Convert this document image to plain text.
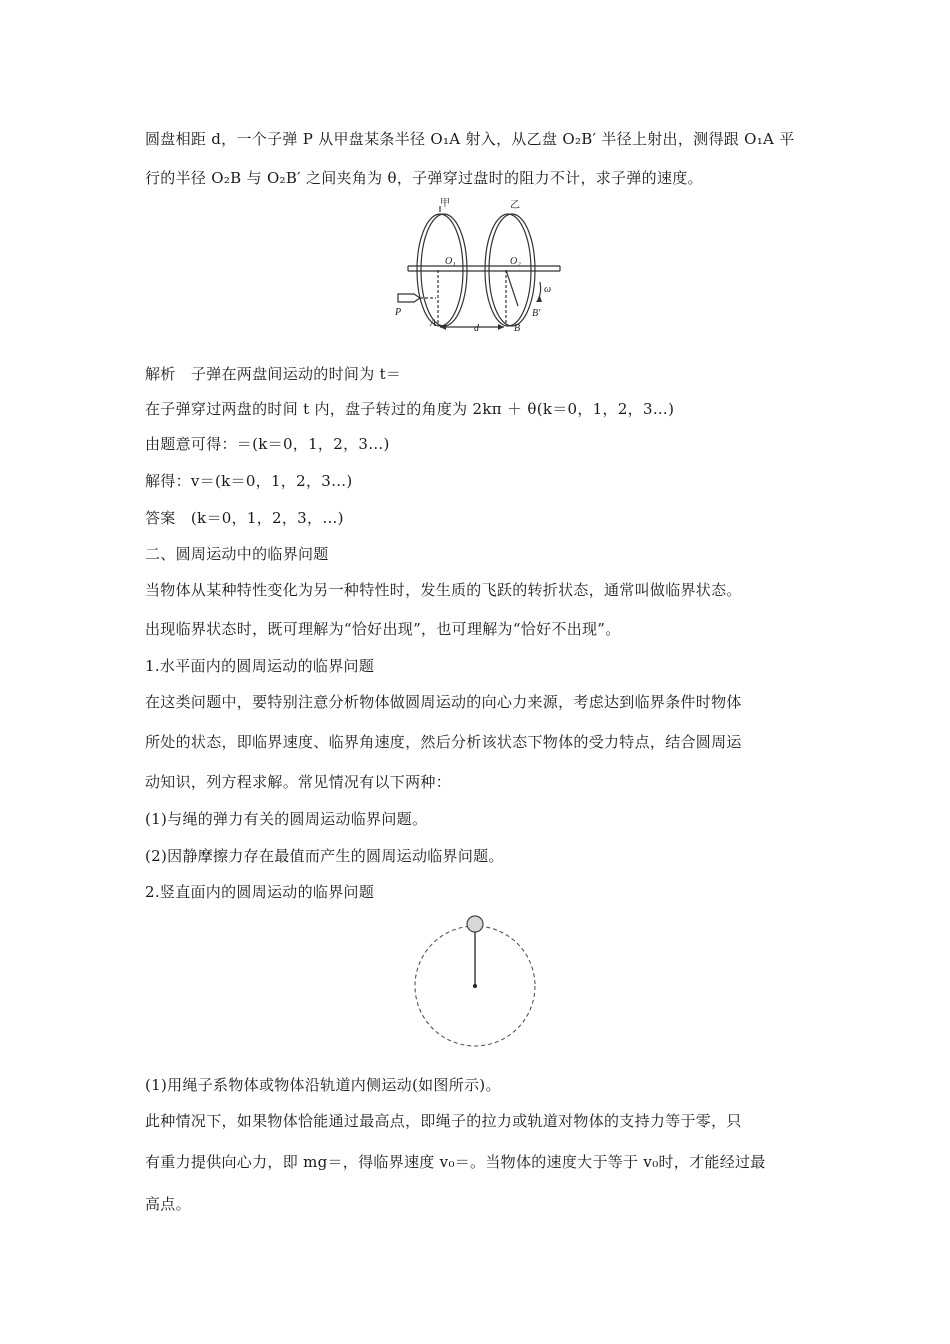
圆盘相距 d，一个子弹 P 从甲盘某条半径 O₁A 射入，从乙盘 O₂B′ 半径上射出，测得跟 O₁A 平
行的半径 O₂B 与 O₂B′ 之间夹角为 θ，子弹穿过盘时的阻力不计，求子弹的速度。
甲	乙
O₁	O₂
P
A	B
B′
d
ω
解析　子弹在两盘间运动的时间为 t＝
在子弹穿过两盘的时间 t 内，盘子转过的角度为 2kπ ＋ θ(k＝0，1，2，3…)
由题意可得：＝(k＝0，1，2，3…)
解得：v＝(k＝0，1，2，3…)
答案　(k＝0，1，2，3，…)
二、圆周运动中的临界问题
当物体从某种特性变化为另一种特性时，发生质的飞跃的转折状态，通常叫做临界状态。
出现临界状态时，既可理解为“恰好出现”，也可理解为“恰好不出现”。
1.水平面内的圆周运动的临界问题
在这类问题中，要特别注意分析物体做圆周运动的向心力来源，考虑达到临界条件时物体
所处的状态，即临界速度、临界角速度，然后分析该状态下物体的受力特点，结合圆周运
动知识，列方程求解。常见情况有以下两种：
(1)与绳的弹力有关的圆周运动临界问题。
(2)因静摩擦力存在最值而产生的圆周运动临界问题。
2.竖直面内的圆周运动的临界问题
(1)用绳子系物体或物体沿轨道内侧运动(如图所示)。
此种情况下，如果物体恰能通过最高点，即绳子的拉力或轨道对物体的支持力等于零，只
有重力提供向心力，即 mg＝，得临界速度 v₀＝。当物体的速度大于等于 v₀时，才能经过最
高点。
